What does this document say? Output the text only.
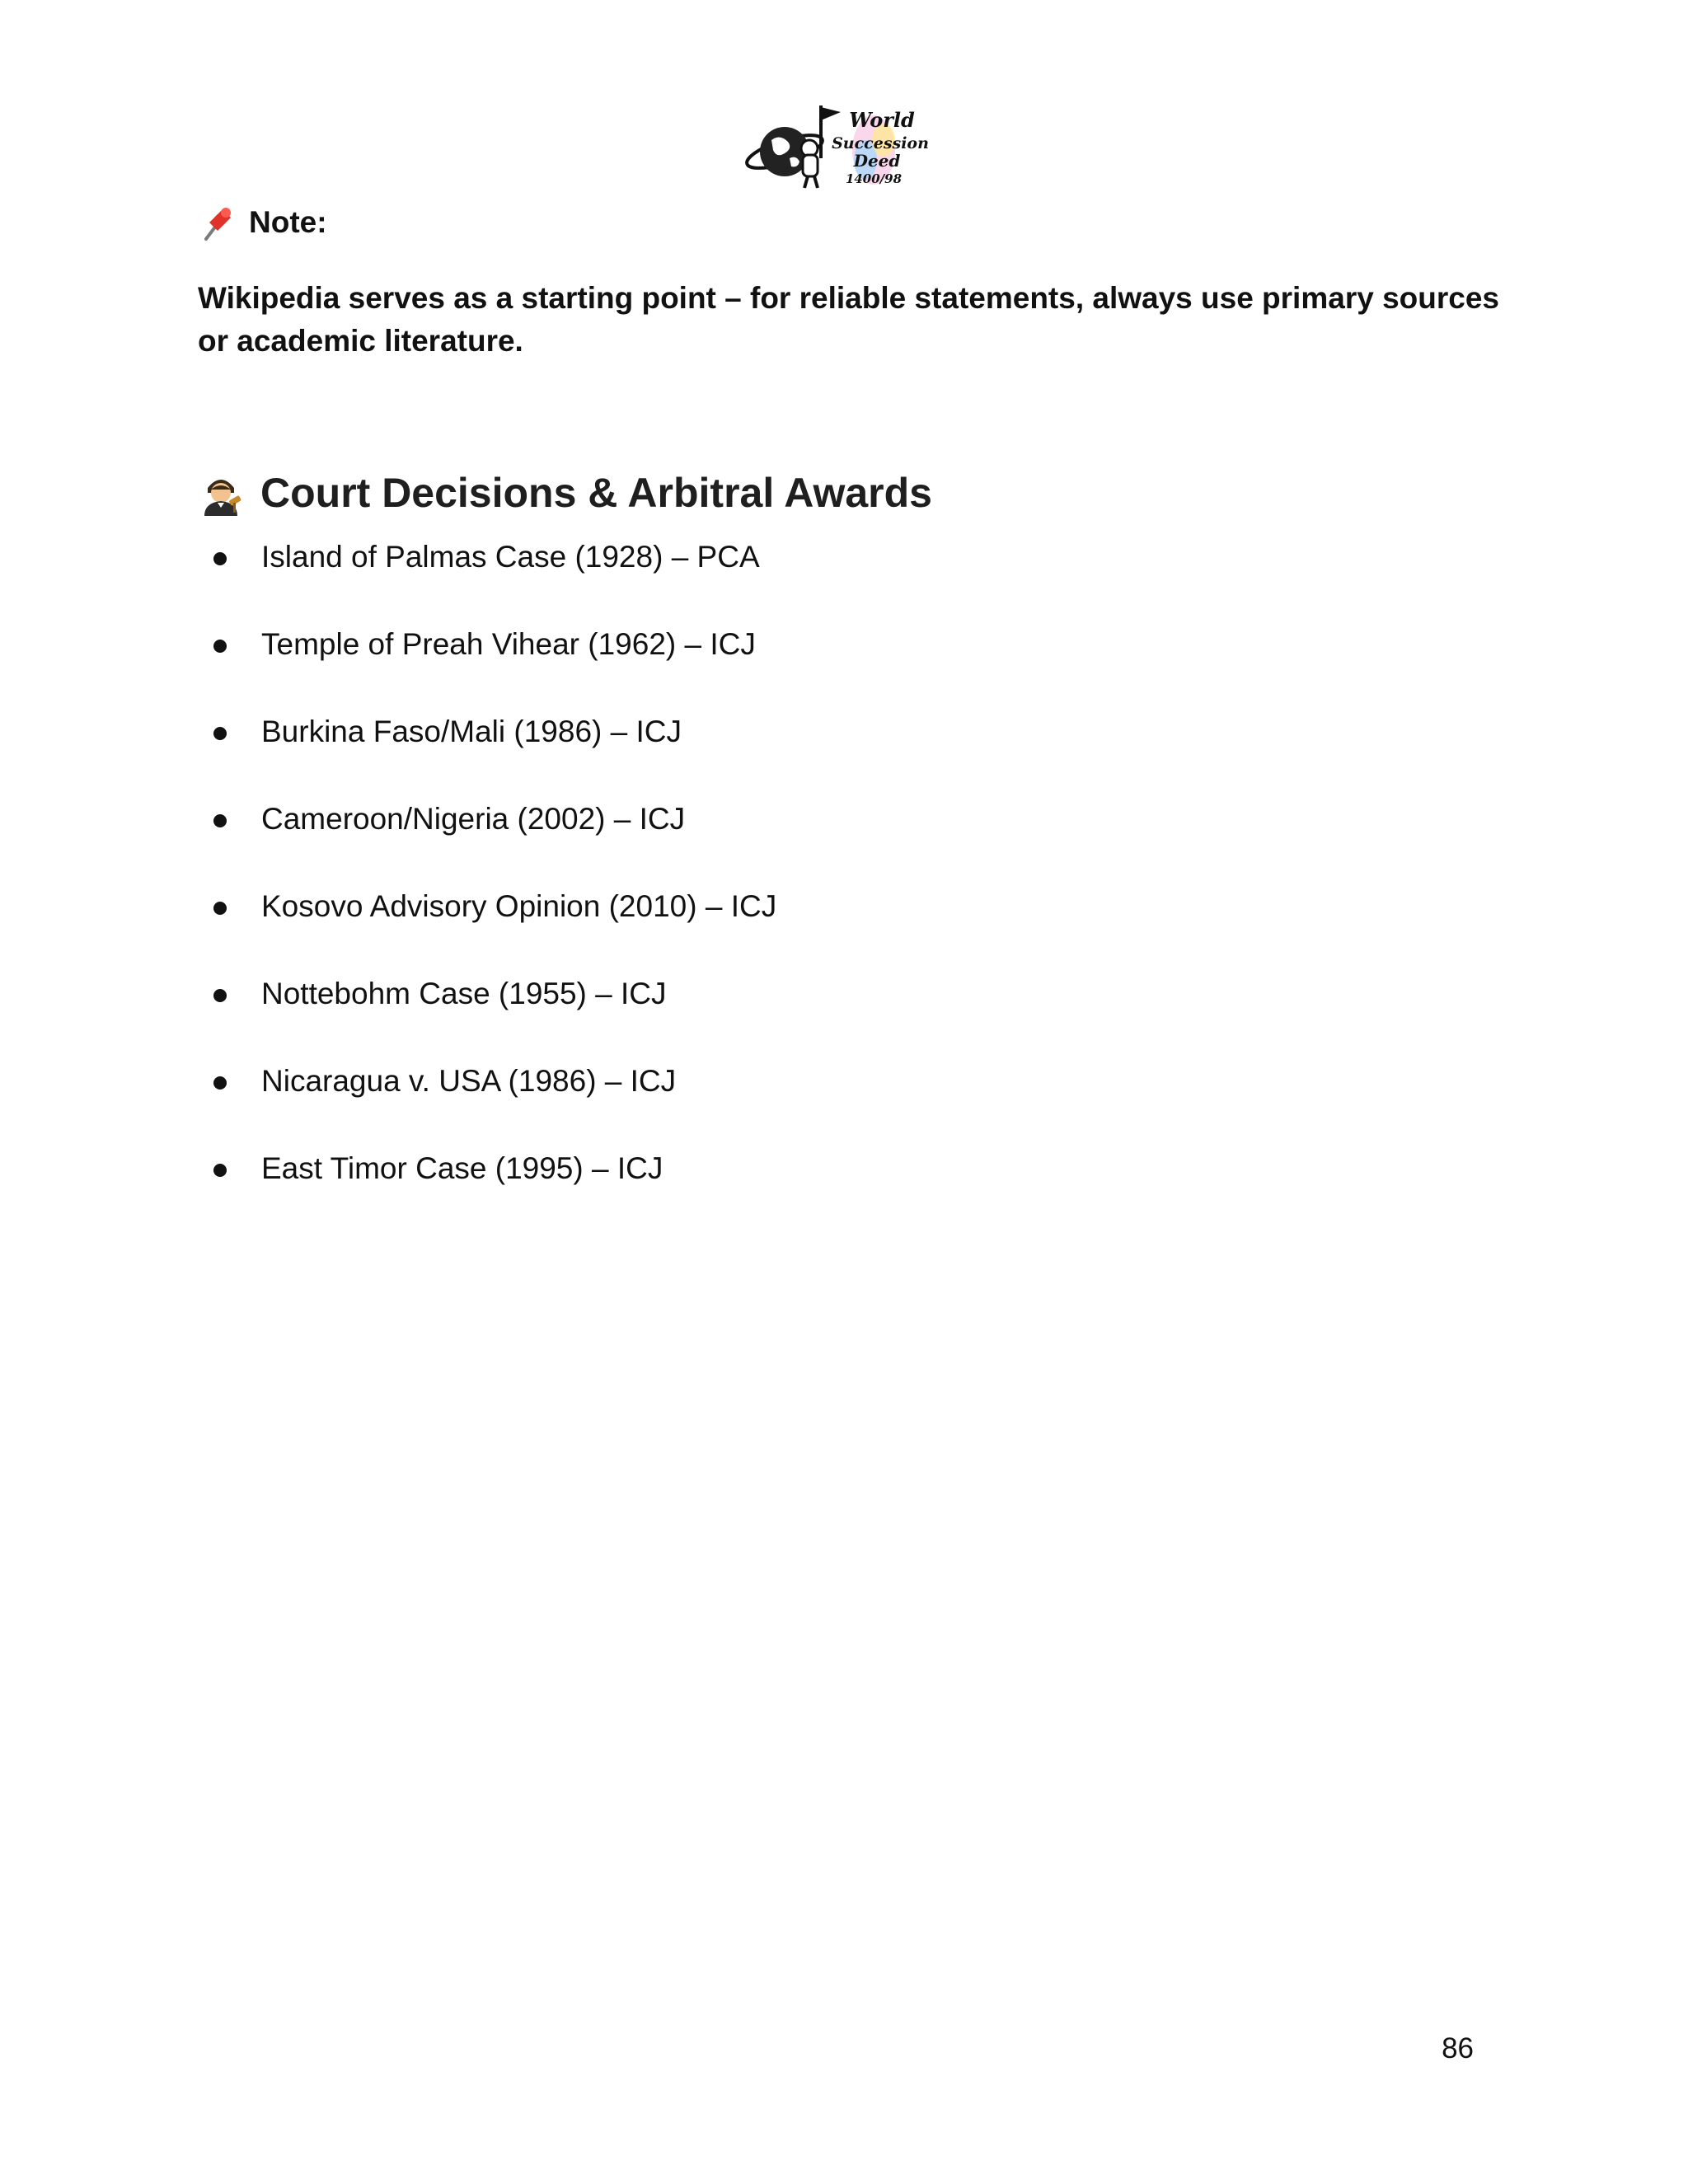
World
Succession
Deed
1400/98
Note:
Wikipedia serves as a starting point – for reliable statements, always use primary sources or academic literature.
Court Decisions & Arbitral Awards
Island of Palmas Case (1928) – PCA
Temple of Preah Vihear (1962) – ICJ
Burkina Faso/Mali (1986) – ICJ
Cameroon/Nigeria (2002) – ICJ
Kosovo Advisory Opinion (2010) – ICJ
Nottebohm Case (1955) – ICJ
Nicaragua v. USA (1986) – ICJ
East Timor Case (1995) – ICJ
86
